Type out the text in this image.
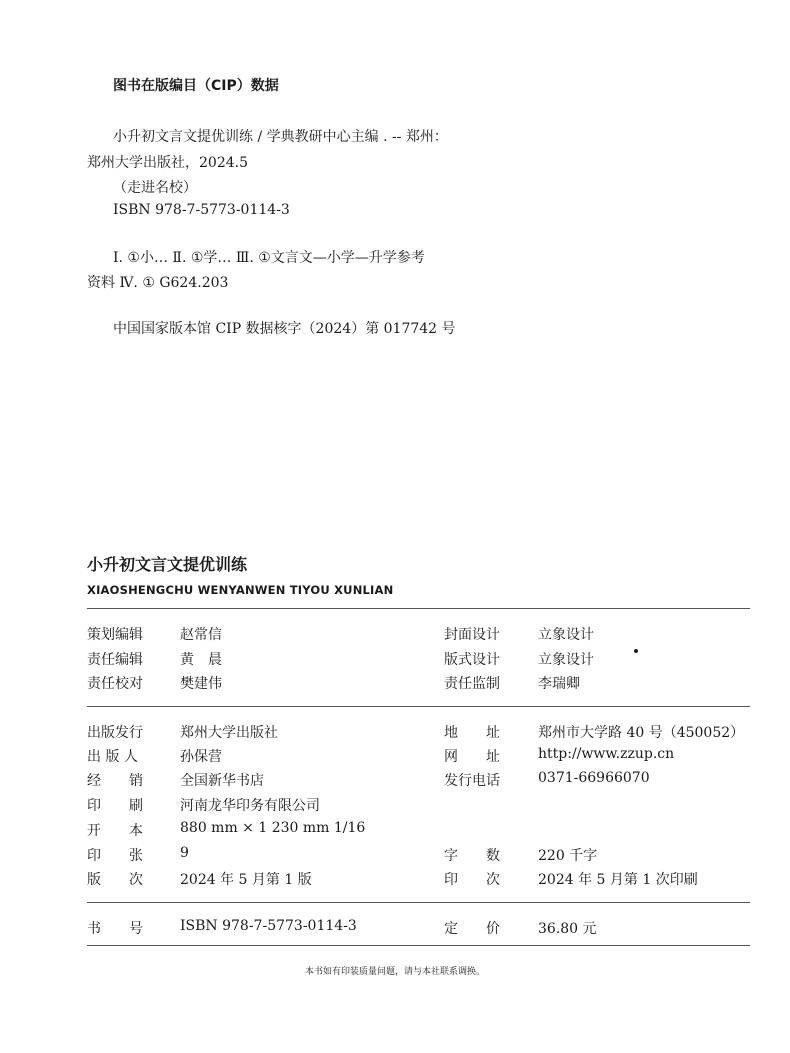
图书在版编目（CIP）数据
小升初文言文提优训练 / 学典教研中心主编 . -- 郑州：
郑州大学出版社，2024.5
（走进名校）
ISBN 978-7-5773-0114-3
Ⅰ. ①小… Ⅱ. ①学… Ⅲ. ①文言文—小学—升学参考
资料 Ⅳ. ① G624.203
中国国家版本馆 CIP 数据核字（2024）第 017742 号
小升初文言文提优训练
XIAOSHENGCHU WENYANWEN TIYOU XUNLIAN
策划编辑	赵常信	封面设计	立象设计
责任编辑	黄　晨	版式设计	立象设计
责任校对	樊建伟	责任监制	李瑞卿
出版发行	郑州大学出版社	地　　址	郑州市大学路 40 号（450052）
出 版 人	孙保营	网　　址	http://www.zzup.cn
经　　销	全国新华书店	发行电话	0371-66966070
印　　刷	河南龙华印务有限公司
开　　本	880 mm × 1 230 mm 1/16
印　　张	9	字　　数	220 千字
版　　次	2024 年 5 月第 1 版	印　　次	2024 年 5 月第 1 次印刷
书　　号	ISBN 978-7-5773-0114-3	定　　价	36.80 元
本书如有印装质量问题，请与本社联系调换。
